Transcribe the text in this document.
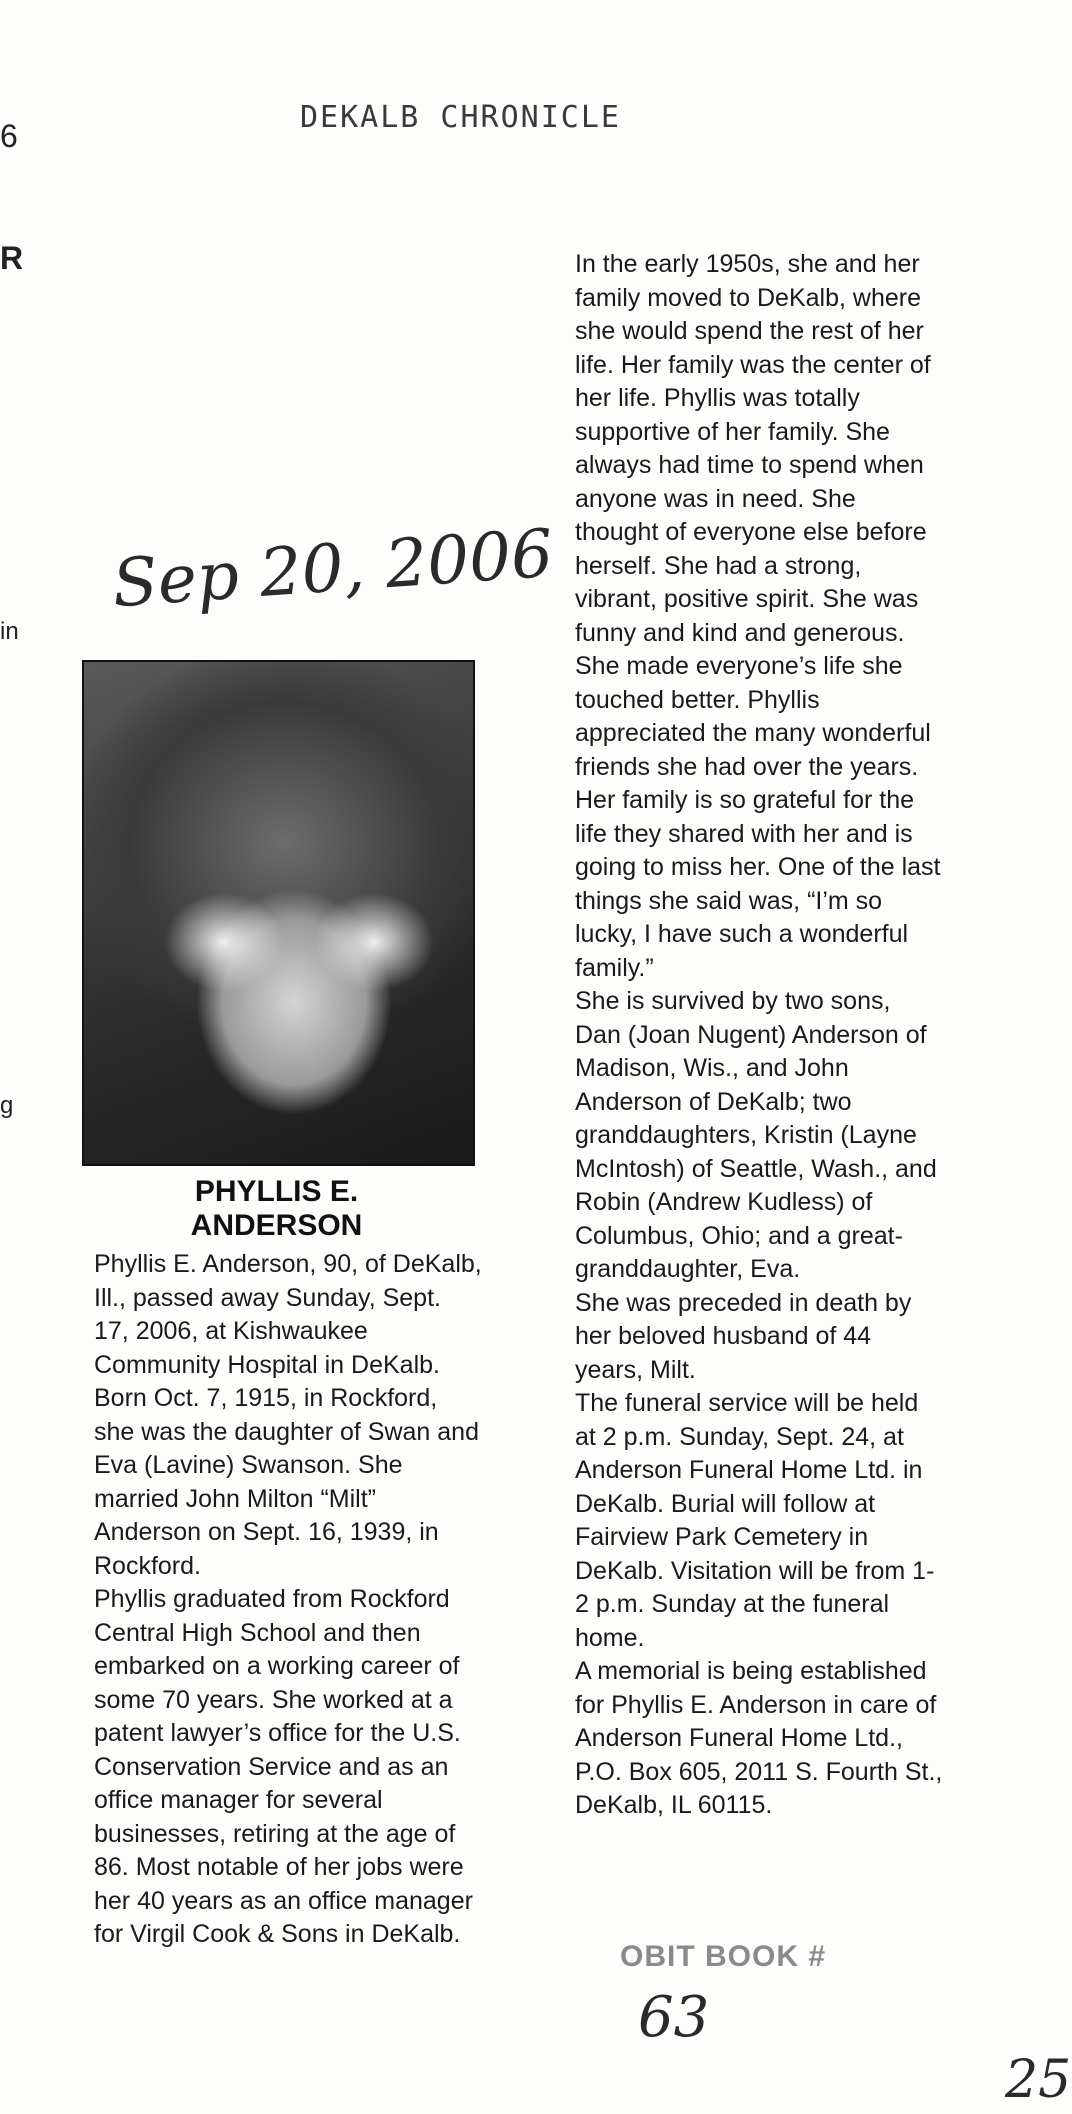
DEKALB CHRONICLE
6
R
in
g
Sep 20, 2006
PHYLLIS E.
ANDERSON

Phyllis E. Anderson, 90, of DeKalb, Ill., passed away Sunday, Sept. 17, 2006, at Kishwaukee Community Hospital in DeKalb.

Born Oct. 7, 1915, in Rockford, she was the daughter of Swan and Eva (Lavine) Swanson. She married John Milton “Milt” Anderson on Sept. 16, 1939, in Rockford.

Phyllis graduated from Rockford Central High School and then embarked on a working career of some 70 years. She worked at a patent lawyer’s office for the U.S. Conservation Service and as an office manager for several businesses, retiring at the age of 86. Most notable of her jobs were her 40 years as an office manager for Virgil Cook & Sons in DeKalb.

In the early 1950s, she and her family moved to DeKalb, where she would spend the rest of her life. Her family was the center of her life. Phyllis was totally supportive of her family. She always had time to spend when anyone was in need. She thought of everyone else before herself. She had a strong, vibrant, positive spirit. She was funny and kind and generous. She made everyone’s life she touched better. Phyllis appreciated the many wonderful friends she had over the years. Her family is so grateful for the life they shared with her and is going to miss her. One of the last things she said was, “I’m so lucky, I have such a wonderful family.”

She is survived by two sons, Dan (Joan Nugent) Anderson of Madison, Wis., and John Anderson of DeKalb; two granddaughters, Kristin (Layne McIntosh) of Seattle, Wash., and Robin (Andrew Kudless) of Columbus, Ohio; and a great-granddaughter, Eva.

She was preceded in death by her beloved husband of 44 years, Milt.

The funeral service will be held at 2 p.m. Sunday, Sept. 24, at Anderson Funeral Home Ltd. in DeKalb. Burial will follow at Fairview Park Cemetery in DeKalb. Visitation will be from 1-2 p.m. Sunday at the funeral home.

A memorial is being established for Phyllis E. Anderson in care of Anderson Funeral Home Ltd., P.O. Box 605, 2011 S. Fourth St., DeKalb, IL 60115.

OBIT BOOK #
63
25
